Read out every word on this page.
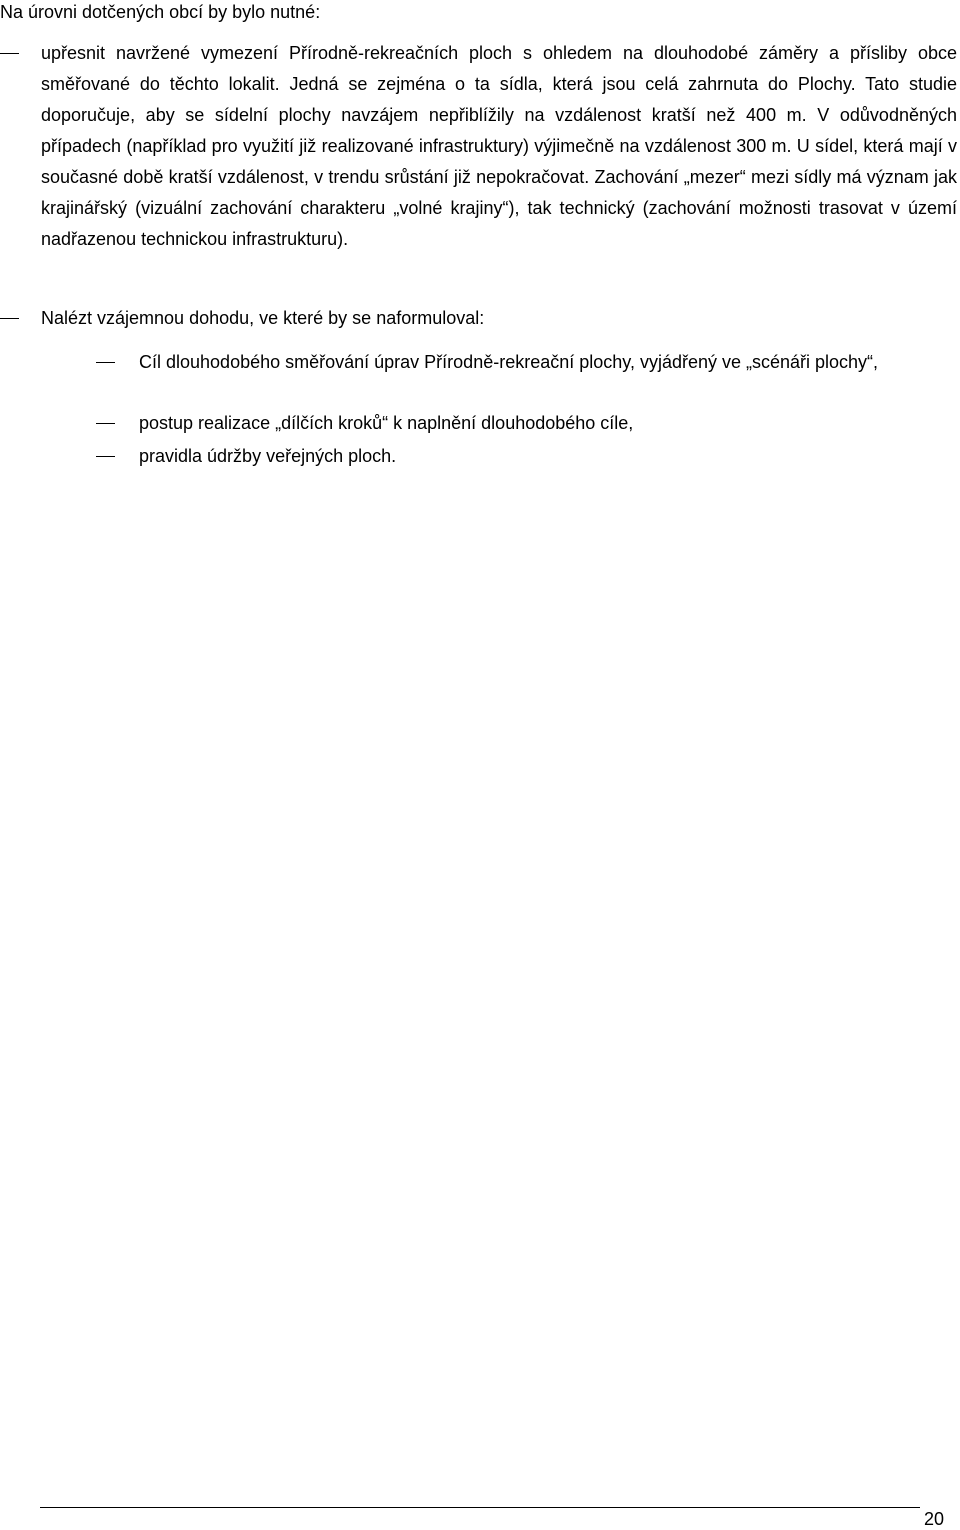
Na úrovni dotčených obcí by bylo nutné:

upřesnit navržené vymezení Přírodně-rekreačních ploch s ohledem na dlouhodobé záměry a přísliby obce směřované do těchto lokalit. Jedná se zejména o ta sídla, která jsou celá zahrnuta do Plochy. Tato studie doporučuje, aby se sídelní plochy navzájem nepřiblížily na vzdálenost kratší než 400 m. V odůvodněných případech (například pro využití již realizované infrastruktury) výjimečně na vzdálenost 300 m. U sídel, která mají v současné době kratší vzdálenost, v trendu srůstání již nepokračovat. Zachování „mezer“ mezi sídly má význam jak krajinářský (vizuální zachování charakteru „volné krajiny“), tak technický (zachování možnosti trasovat v území nadřazenou technickou infrastrukturu).
Nalézt vzájemnou dohodu, ve které by se naformuloval:
Cíl dlouhodobého směřování úprav Přírodně-rekreační plochy, vyjádřený ve „scénáři plochy“,
postup realizace „dílčích kroků“ k naplnění dlouhodobého cíle,
pravidla údržby veřejných ploch.
20
